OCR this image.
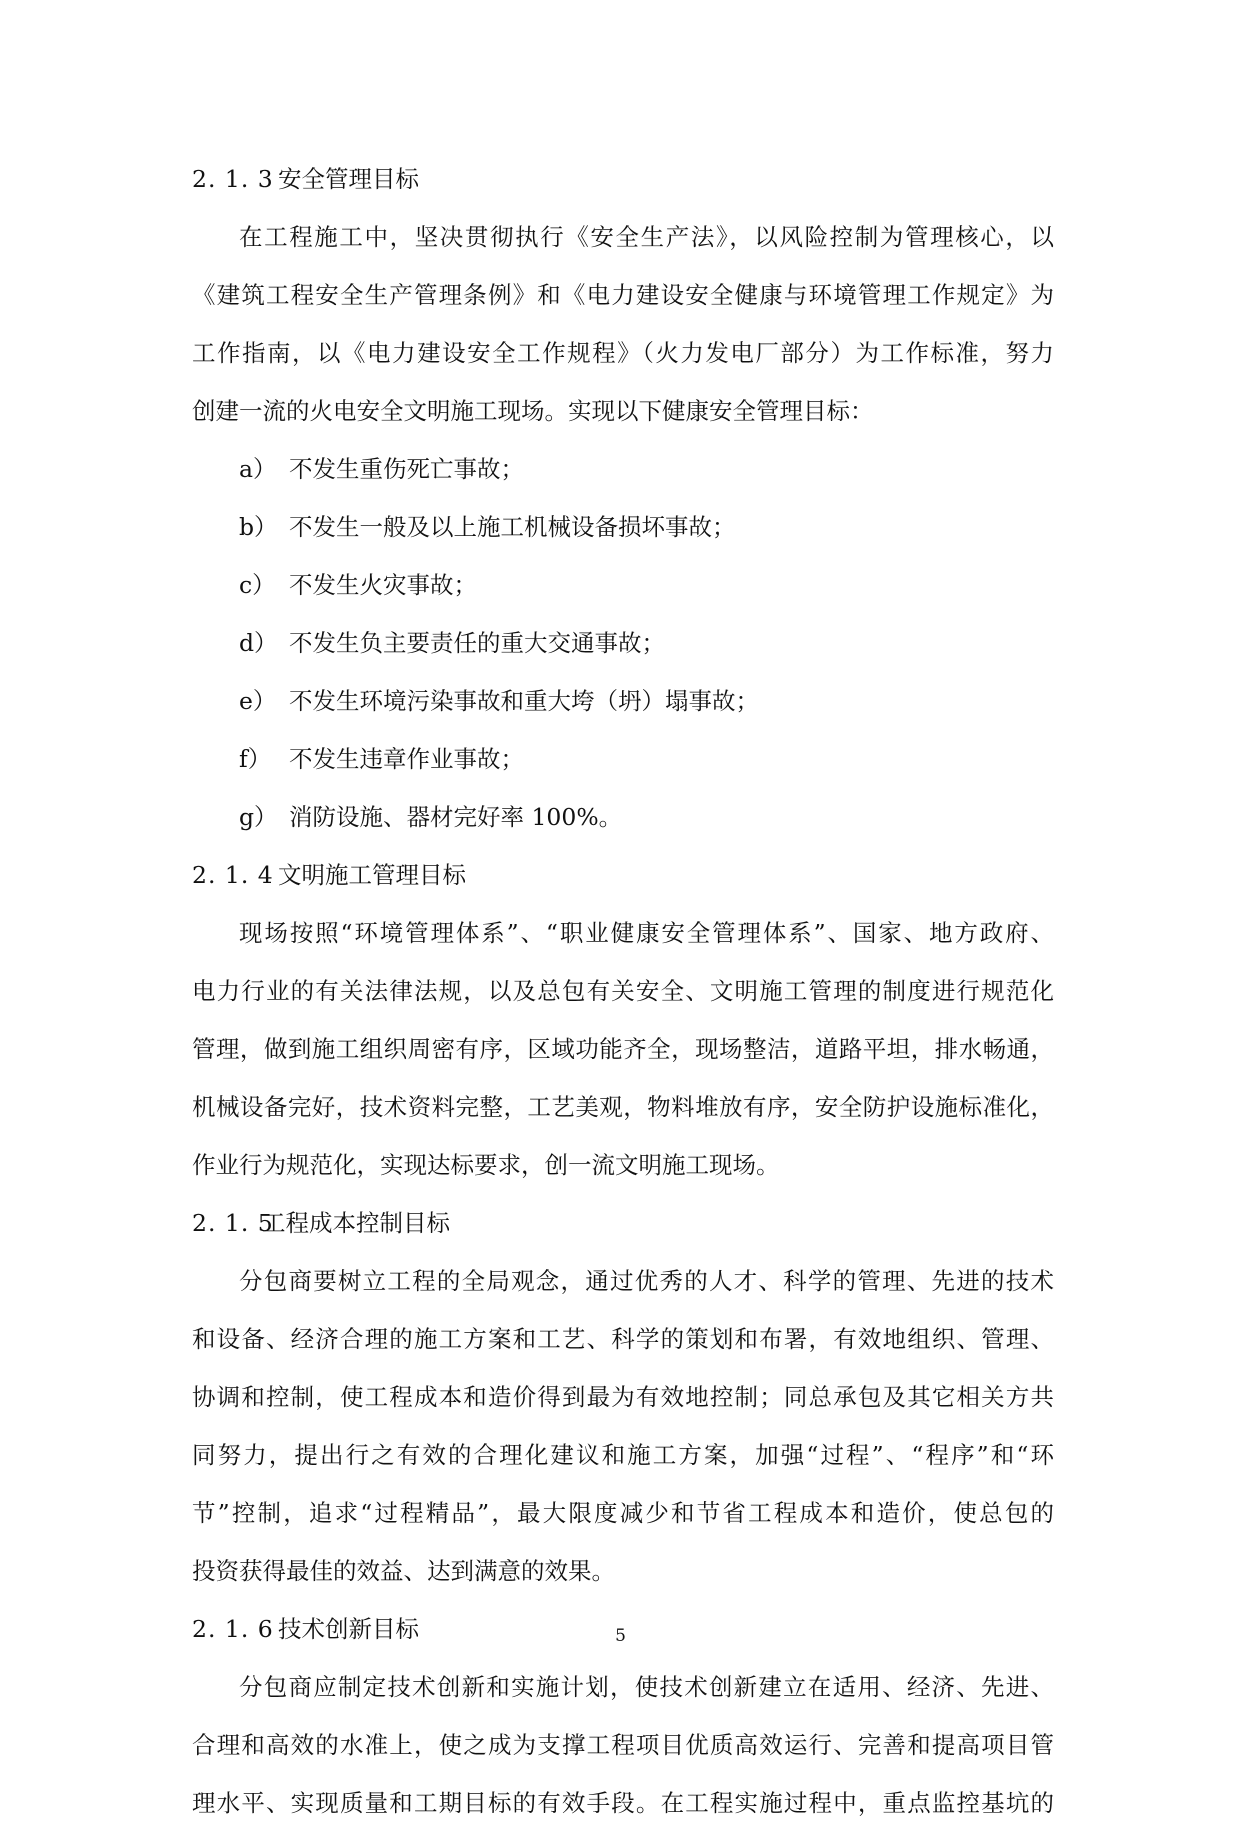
2. 1. 3 安全管理目标

在工程施工中，坚决贯彻执行《安全生产法》，以风险控制为管理核心，以
《建筑工程安全生产管理条例》和《电力建设安全健康与环境管理工作规定》为
工作指南，以《电力建设安全工作规程》（火力发电厂部分）为工作标准，努力
创建一流的火电安全文明施工现场。实现以下健康安全管理目标：

a） 不发生重伤死亡事故；
b） 不发生一般及以上施工机械设备损坏事故；
c） 不发生火灾事故；
d） 不发生负主要责任的重大交通事故；
e） 不发生环境污染事故和重大垮（坍）塌事故；
f） 不发生违章作业事故；
g） 消防设施、器材完好率 100%。
2. 1. 4 文明施工管理目标

现场按照“环境管理体系”、“职业健康安全管理体系”、国家、地方政府、
电力行业的有关法律法规，以及总包有关安全、文明施工管理的制度进行规范化
管理，做到施工组织周密有序，区域功能齐全，现场整洁，道路平坦，排水畅通，
机械设备完好，技术资料完整，工艺美观，物料堆放有序，安全防护设施标准化，
作业行为规范化，实现达标要求，创一流文明施工现场。

2. 1. 5工程成本控制目标

分包商要树立工程的全局观念，通过优秀的人才、科学的管理、先进的技术
和设备、经济合理的施工方案和工艺、科学的策划和布署，有效地组织、管理、
协调和控制，使工程成本和造价得到最为有效地控制；同总承包及其它相关方共
同努力，提出行之有效的合理化建议和施工方案，加强“过程”、“程序”和“环
节”控制，追求“过程精品”，最大限度减少和节省工程成本和造价，使总包的
投资获得最佳的效益、达到满意的效果。

2. 1. 6 技术创新目标

分包商应制定技术创新和实施计划，使技术创新建立在适用、经济、先进、
合理和高效的水准上，使之成为支撑工程项目优质高效运行、完善和提高项目管
理水平、实现质量和工期目标的有效手段。在工程实施过程中，重点监控基坑的

5
